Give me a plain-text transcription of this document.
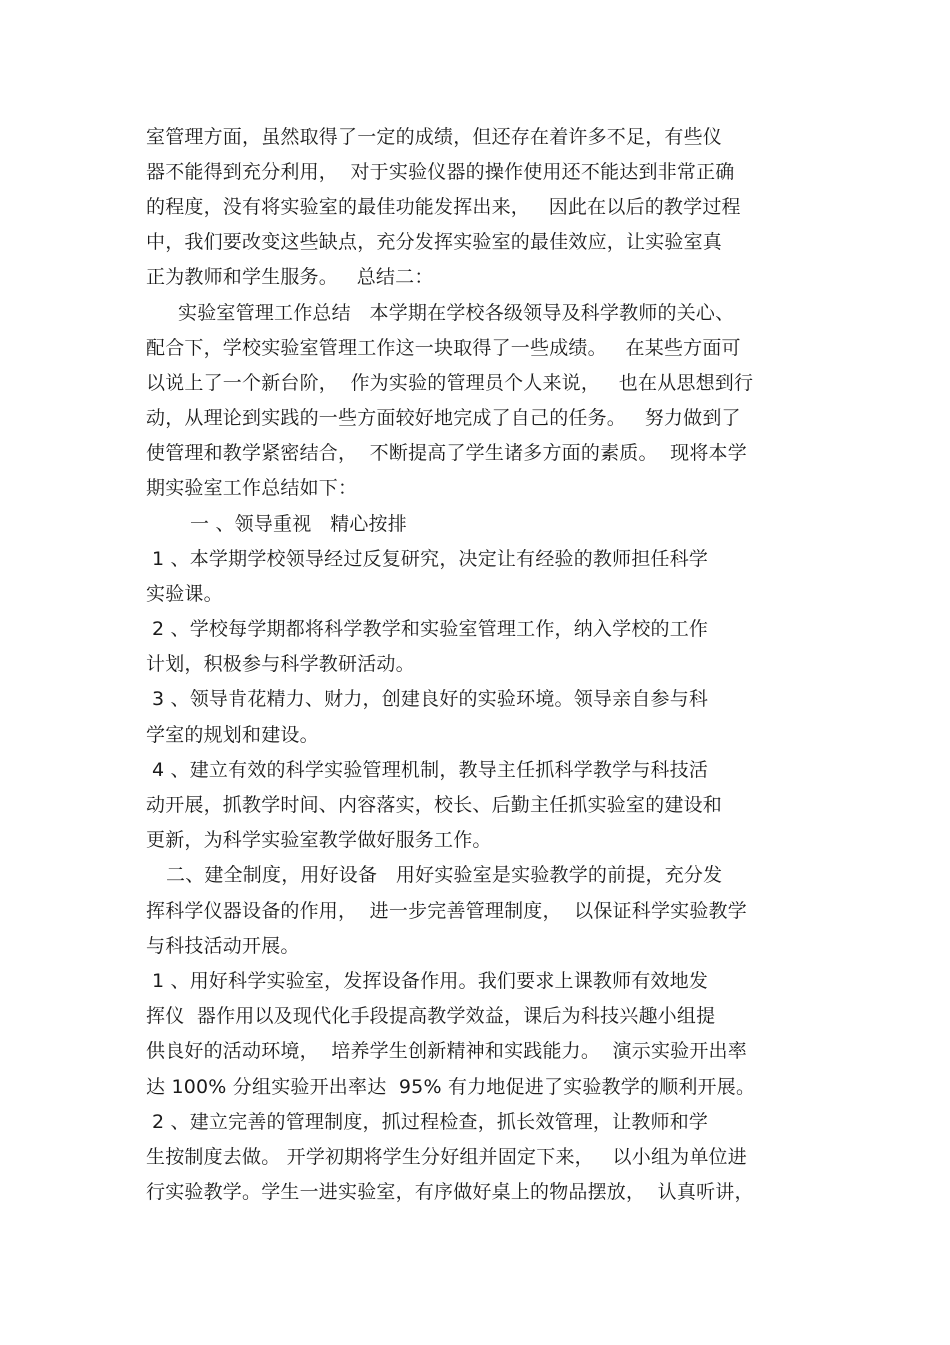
室管理方面，虽然取得了一定的成绩，但还存在着许多不足，有些仪
器不能得到充分利用，  对于实验仪器的操作使用还不能达到非常正确
的程度，没有将实验室的最佳功能发挥出来，   因此在以后的教学过程
中，我们要改变这些缺点，充分发挥实验室的最佳效应，让实验室真
正为教师和学生服务。   总结二：
实验室管理工作总结   本学期在学校各级领导及科学教师的关心、
配合下，学校实验室管理工作这一块取得了一些成绩。   在某些方面可
以说上了一个新台阶，  作为实验的管理员个人来说，   也在从思想到行
动，从理论到实践的一些方面较好地完成了自己的任务。   努力做到了
使管理和教学紧密结合，  不断提高了学生诸多方面的素质。  现将本学
期实验室工作总结如下：
一 、领导重视   精心按排
1 、本学期学校领导经过反复研究，决定让有经验的教师担任科学
实验课。
2 、学校每学期都将科学教学和实验室管理工作，纳入学校的工作
计划，积极参与科学教研活动。
3 、领导肯花精力、财力，创建良好的实验环境。领导亲自参与科
学室的规划和建设。
4 、建立有效的科学实验管理机制，教导主任抓科学教学与科技活
动开展，抓教学时间、内容落实，校长、后勤主任抓实验室的建设和
更新，为科学实验室教学做好服务工作。
二、建全制度，用好设备   用好实验室是实验教学的前提，充分发
挥科学仪器设备的作用，  进一步完善管理制度，  以保证科学实验教学
与科技活动开展。
1 、用好科学实验室，发挥设备作用。我们要求上课教师有效地发
挥仪  器作用以及现代化手段提高教学效益，课后为科技兴趣小组提
供良好的活动环境，  培养学生创新精神和实践能力。  演示实验开出率
达 100% 分组实验开出率达  95% 有力地促进了实验教学的顺利开展。
2 、建立完善的管理制度，抓过程检查，抓长效管理，让教师和学
生按制度去做。 开学初期将学生分好组并固定下来，   以小组为单位进
行实验教学。学生一进实验室，有序做好桌上的物品摆放，  认真听讲，
